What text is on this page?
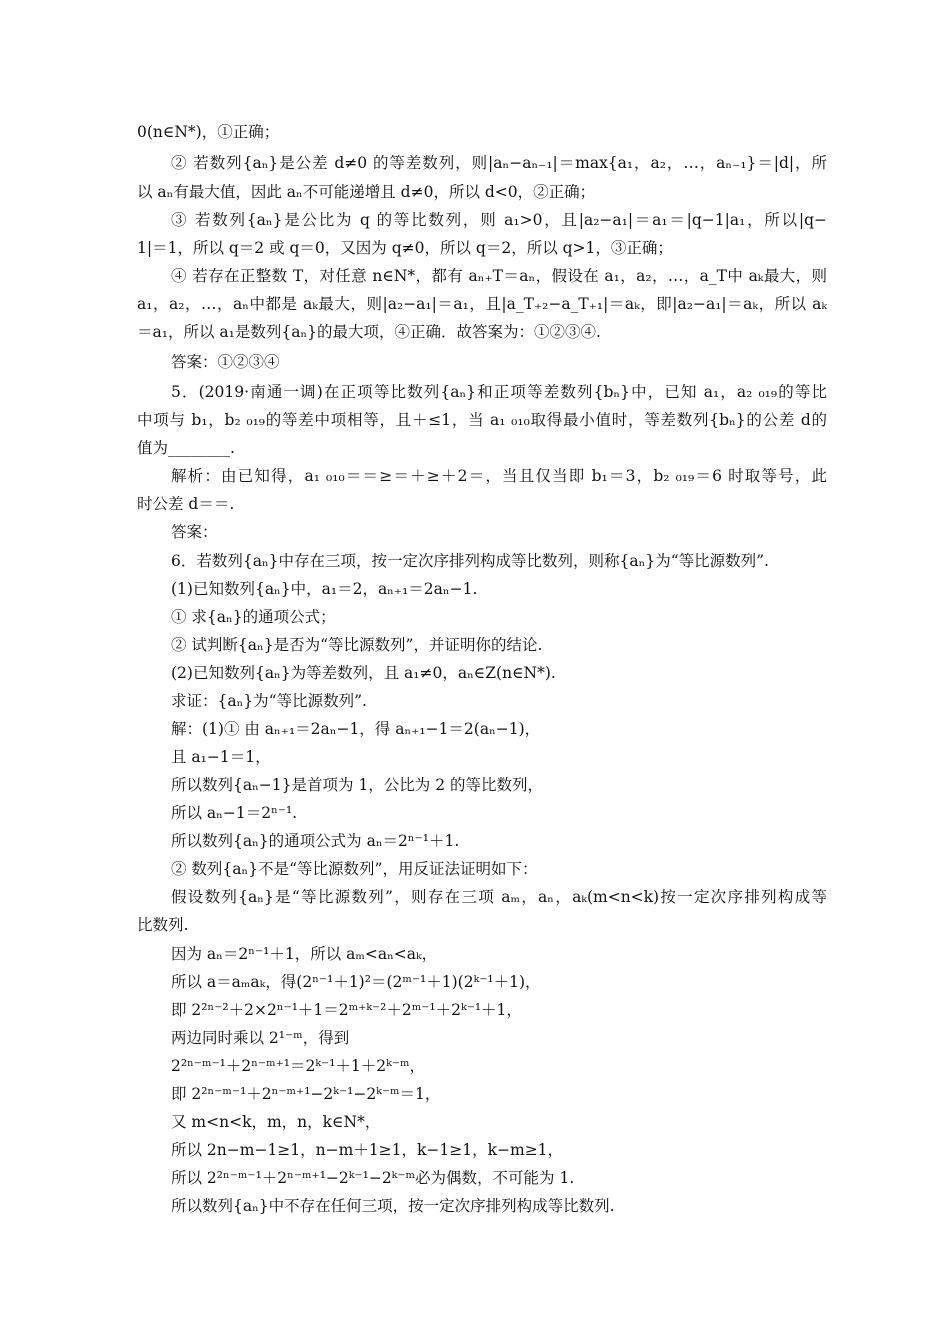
0(n∈N*)，①正确；
② 若数列{aₙ}是公差 d≠0 的等差数列，则|aₙ−aₙ₋₁|＝max{a₁，a₂，…，aₙ₋₁}＝|d|，所
以 aₙ有最大值，因此 aₙ不可能递增且 d≠0，所以 d<0，②正确；
③ 若数列{aₙ}是公比为 q 的等比数列，则 a₁>0，且|a₂−a₁|＝a₁＝|q−1|a₁，所以|q−
1|＝1，所以 q＝2 或 q＝0，又因为 q≠0，所以 q＝2，所以 q>1，③正确；
④ 若存在正整数 T，对任意 n∈N*，都有 aₙ₊T＝aₙ，假设在 a₁，a₂，…，a_T中 aₖ最大，则
a₁，a₂，…，aₙ中都是 aₖ最大，则|a₂−a₁|＝a₁，且|a_T₊₂−a_T₊₁|＝aₖ，即|a₂−a₁|＝aₖ，所以 aₖ
＝a₁，所以 a₁是数列{aₙ}的最大项，④正确．故答案为：①②③④.
答案：①②③④
5．(2019·南通一调)在正项等比数列{aₙ}和正项等差数列{bₙ}中，已知 a₁，a₂ ₀₁₉的等比
中项与 b₁，b₂ ₀₁₉的等差中项相等，且＋≤1，当 a₁ ₀₁₀取得最小值时，等差数列{bₙ}的公差 d的
值为________.
解析：由已知得，a₁ ₀₁₀＝＝≥＝＋≥＋2＝，当且仅当即 b₁＝3，b₂ ₀₁₉＝6 时取等号，此
时公差 d＝＝.
答案：
6．若数列{aₙ}中存在三项，按一定次序排列构成等比数列，则称{aₙ}为“等比源数列”.
(1)已知数列{aₙ}中，a₁＝2，aₙ₊₁＝2aₙ−1.
① 求{aₙ}的通项公式；
② 试判断{aₙ}是否为“等比源数列”，并证明你的结论.
(2)已知数列{aₙ}为等差数列，且 a₁≠0，aₙ∈Z(n∈N*).
求证：{aₙ}为“等比源数列”.
解：(1)① 由 aₙ₊₁＝2aₙ−1，得 aₙ₊₁−1＝2(aₙ−1)，
且 a₁−1＝1，
所以数列{aₙ−1}是首项为 1，公比为 2 的等比数列，
所以 aₙ−1＝2ⁿ⁻¹.
所以数列{aₙ}的通项公式为 aₙ＝2ⁿ⁻¹＋1.
② 数列{aₙ}不是“等比源数列”，用反证法证明如下：
假设数列{aₙ}是“等比源数列”，则存在三项 aₘ，aₙ，aₖ(m<n<k)按一定次序排列构成等
比数列.
因为 aₙ＝2ⁿ⁻¹＋1，所以 aₘ<aₙ<aₖ，
所以 a＝aₘaₖ，得(2ⁿ⁻¹＋1)²＝(2ᵐ⁻¹＋1)(2ᵏ⁻¹＋1)，
即 2²ⁿ⁻²＋2×2ⁿ⁻¹＋1＝2ᵐ⁺ᵏ⁻²＋2ᵐ⁻¹＋2ᵏ⁻¹＋1，
两边同时乘以 2¹⁻ᵐ，得到
2²ⁿ⁻ᵐ⁻¹＋2ⁿ⁻ᵐ⁺¹＝2ᵏ⁻¹＋1＋2ᵏ⁻ᵐ，
即 2²ⁿ⁻ᵐ⁻¹＋2ⁿ⁻ᵐ⁺¹−2ᵏ⁻¹−2ᵏ⁻ᵐ＝1，
又 m<n<k，m，n，k∈N*，
所以 2n−m−1≥1，n−m＋1≥1，k−1≥1，k−m≥1，
所以 2²ⁿ⁻ᵐ⁻¹＋2ⁿ⁻ᵐ⁺¹−2ᵏ⁻¹−2ᵏ⁻ᵐ必为偶数，不可能为 1.
所以数列{aₙ}中不存在任何三项，按一定次序排列构成等比数列.
